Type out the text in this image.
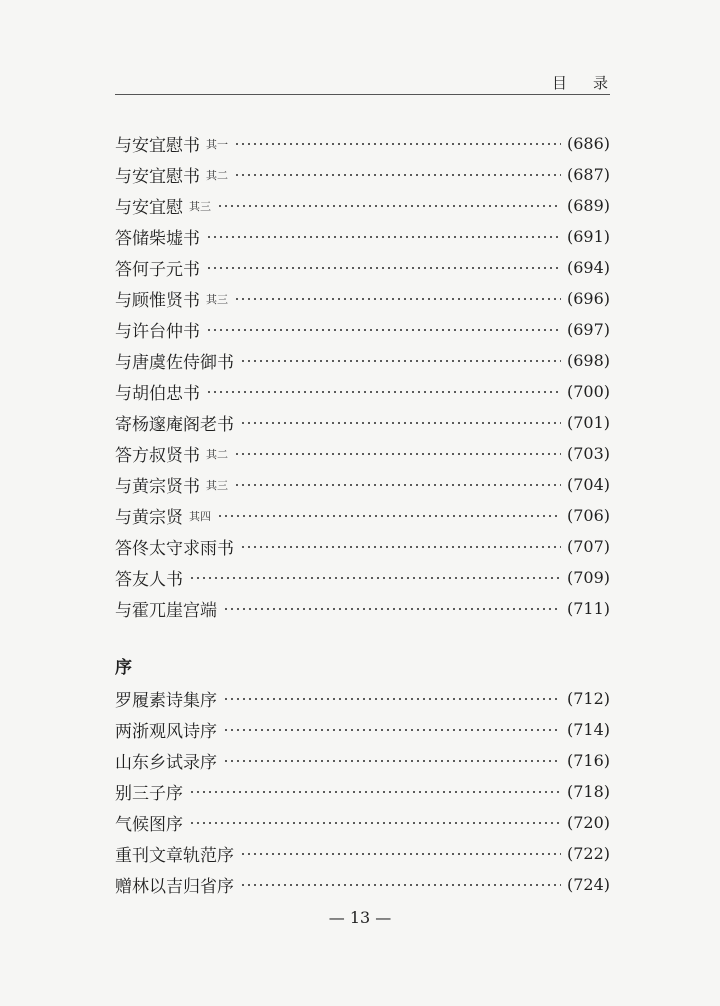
目录
与安宜慰书 其一	(686)
与安宜慰书 其二	(687)
与安宜慰 其三	(689)
答储柴墟书	(691)
答何子元书	(694)
与顾惟贤书 其三	(696)
与许台仲书	(697)
与唐虞佐侍御书	(698)
与胡伯忠书	(700)
寄杨邃庵阁老书	(701)
答方叔贤书 其二	(703)
与黄宗贤书 其三	(704)
与黄宗贤 其四	(706)
答佟太守求雨书	(707)
答友人书	(709)
与霍兀崖宫端	(711)
序
罗履素诗集序	(712)
两浙观风诗序	(714)
山东乡试录序	(716)
别三子序	(718)
气候图序	(720)
重刊文章轨范序	(722)
赠林以吉归省序	(724)
— 13 —
